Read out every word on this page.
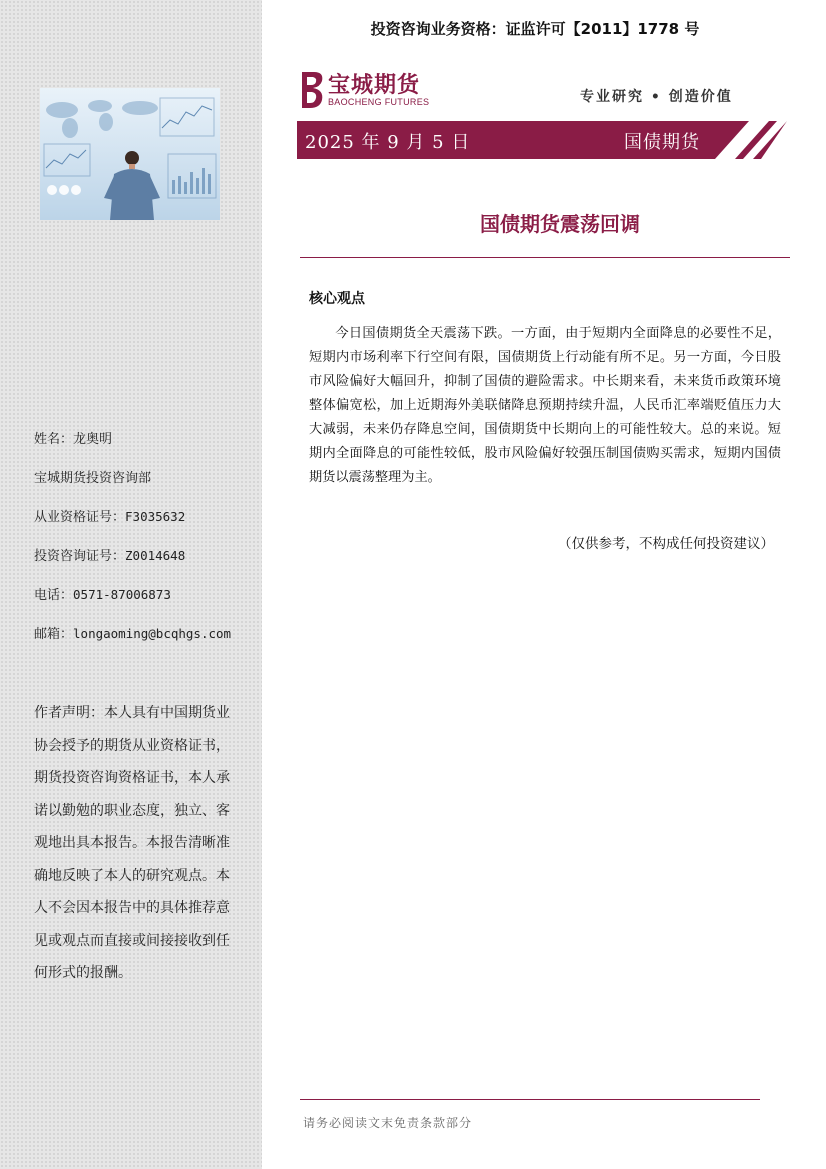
姓名：龙奥明
宝城期货投资咨询部
从业资格证号：F3035632
投资咨询证号：Z0014648
电话：0571-87006873
邮箱：longaoming@bcqhgs.com
作者声明：本人具有中国期货业协会授予的期货从业资格证书，期货投资咨询资格证书，本人承诺以勤勉的职业态度，独立、客观地出具本报告。本报告清晰准确地反映了本人的研究观点。本人不会因本报告中的具体推荐意见或观点而直接或间接接收到任何形式的报酬。
投资咨询业务资格：证监许可【2011】1778 号
宝城期货
BAOCHENG FUTURES	专业研究 • 创造价值
2025 年 9 月 5 日	国债期货
国债期货震荡回调
核心观点

今日国债期货全天震荡下跌。一方面，由于短期内全面降息的必要性不足，短期内市场利率下行空间有限，国债期货上行动能有所不足。另一方面，今日股市风险偏好大幅回升，抑制了国债的避险需求。中长期来看，未来货币政策环境整体偏宽松，加上近期海外美联储降息预期持续升温，人民币汇率端贬值压力大大减弱，未来仍存降息空间，国债期货中长期向上的可能性较大。总的来说。短期内全面降息的可能性较低，股市风险偏好较强压制国债购买需求，短期内国债期货以震荡整理为主。

（仅供参考，不构成任何投资建议）
请务必阅读文末免责条款部分
